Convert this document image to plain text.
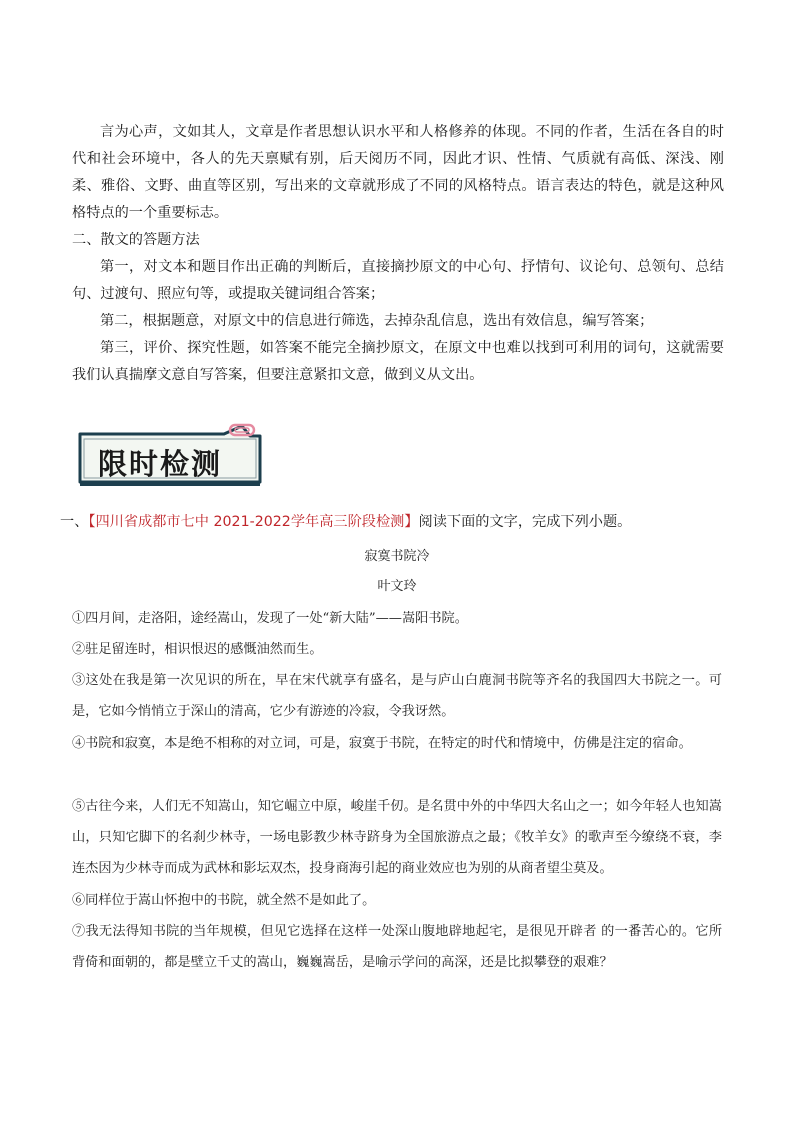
言为心声，文如其人，文章是作者思想认识水平和人格修养的体现。不同的作者，生活在各自的时代和社会环境中，各人的先天禀赋有别，后天阅历不同，因此才识、性情、气质就有高低、深浅、刚柔、雅俗、文野、曲直等区别，写出来的文章就形成了不同的风格特点。语言表达的特色，就是这种风格特点的一个重要标志。

二、散文的答题方法

第一，对文本和题目作出正确的判断后，直接摘抄原文的中心句、抒情句、议论句、总领句、总结句、过渡句、照应句等，或提取关键词组合答案；

第二，根据题意，对原文中的信息进行筛选，去掉杂乱信息，选出有效信息，编写答案；

第三，评价、探究性题，如答案不能完全摘抄原文，在原文中也难以找到可利用的词句，这就需要我们认真揣摩文意自写答案，但要注意紧扣文意，做到义从文出。

限时检测

一、【四川省成都市七中 2021-2022学年高三阶段检测】阅读下面的文字，完成下列小题。

寂寞书院冷

叶文玲

①四月间，走洛阳，途经嵩山，发现了一处“新大陆”——嵩阳书院。

②驻足留连时，相识恨迟的感慨油然而生。

③这处在我是第一次见识的所在，早在宋代就享有盛名，是与庐山白鹿洞书院等齐名的我国四大书院之一。可是，它如今悄悄立于深山的清高，它少有游迹的冷寂，令我讶然。

④书院和寂寞，本是绝不相称的对立词，可是，寂寞于书院，在特定的时代和情境中，仿佛是注定的宿命。

⑤古往今来，人们无不知嵩山，知它崛立中原，峻崖千仞。是名贯中外的中华四大名山之一；如今年轻人也知嵩山，只知它脚下的名刹少林寺，一场电影教少林寺跻身为全国旅游点之最；《牧羊女》的歌声至今缭绕不衰，李连杰因为少林寺而成为武林和影坛双杰，投身商海引起的商业效应也为别的从商者望尘莫及。

⑥同样位于嵩山怀抱中的书院，就全然不是如此了。

⑦我无法得知书院的当年规模，但见它选择在这样一处深山腹地辟地起宅，是很见开辟者 的一番苦心的。它所背倚和面朝的，都是壁立千丈的嵩山，巍巍嵩岳，是喻示学问的高深，还是比拟攀登的艰难？
